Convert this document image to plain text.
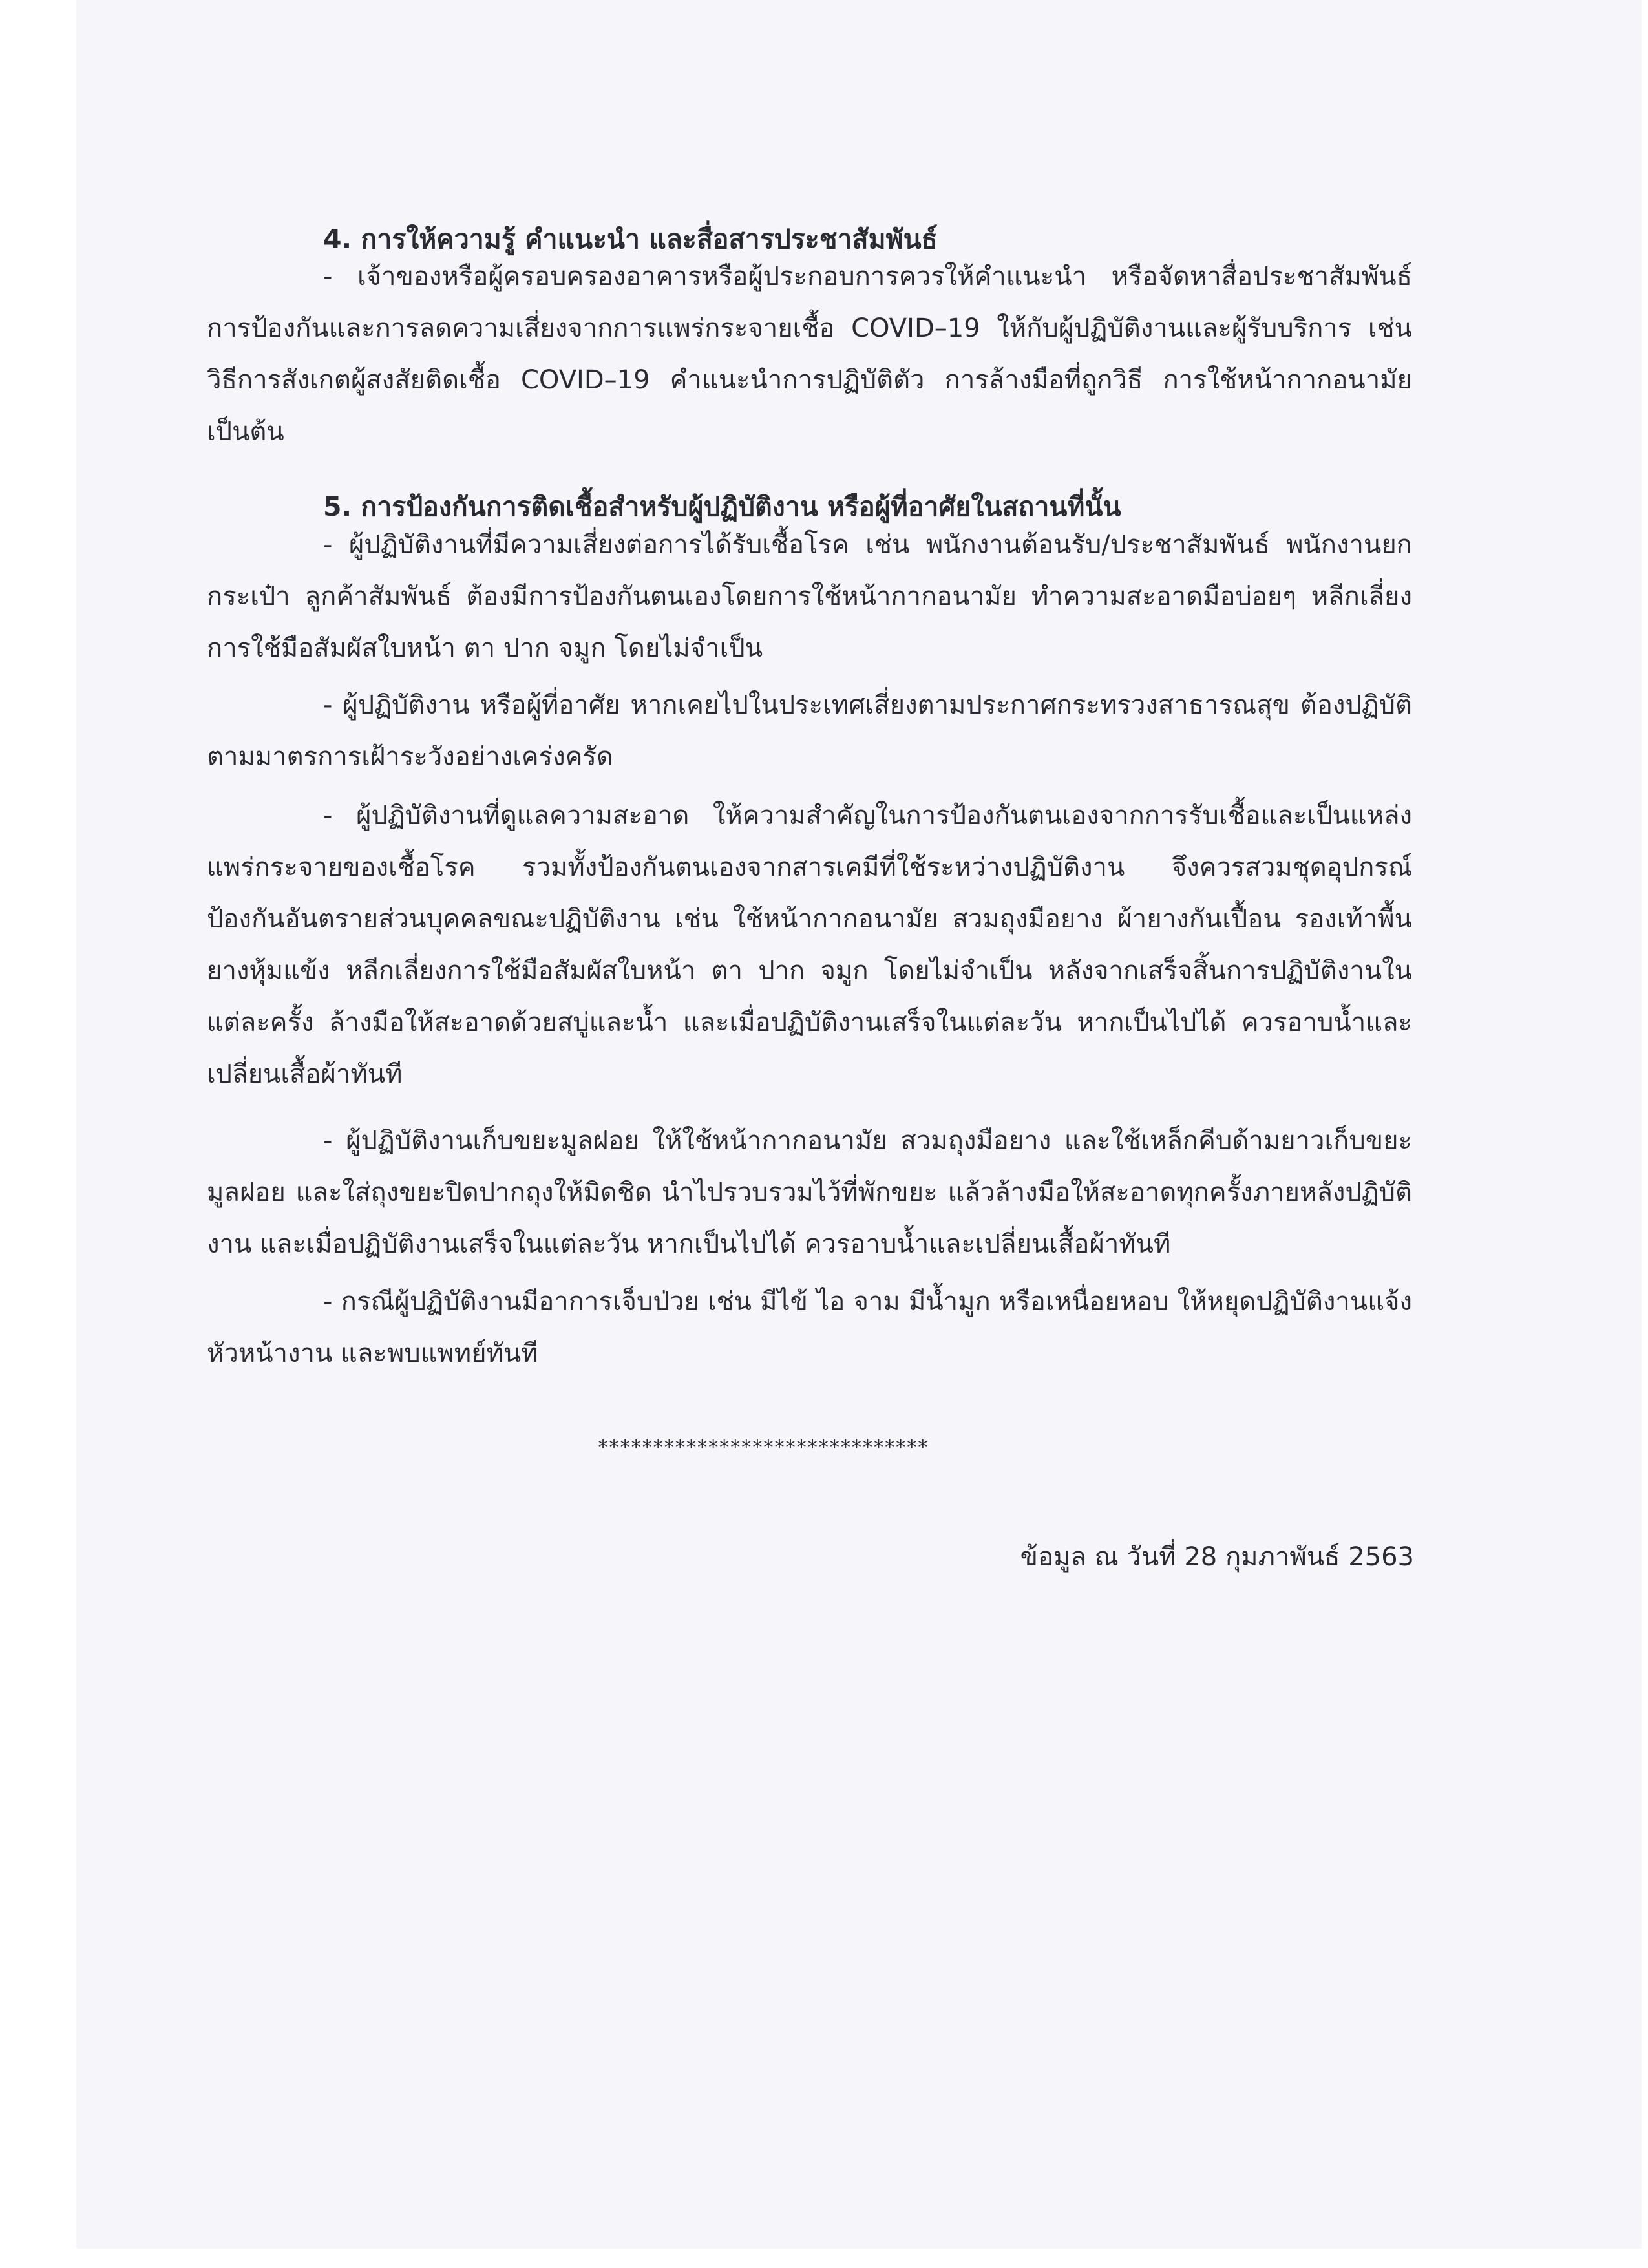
4. การให้ความรู้ คำแนะนำ และสื่อสารประชาสัมพันธ์

- เจ้าของหรือผู้ครอบครองอาคารหรือผู้ประกอบการควรให้คำแนะนำ หรือจัดหาสื่อประชาสัมพันธ์การป้องกันและการลดความเสี่ยงจากการแพร่กระจายเชื้อ COVID–19 ให้กับผู้ปฏิบัติงานและผู้รับบริการ เช่น วิธีการสังเกตผู้สงสัยติดเชื้อ COVID–19 คำแนะนำการปฏิบัติตัว การล้างมือที่ถูกวิธี การใช้หน้ากากอนามัย เป็นต้น

5. การป้องกันการติดเชื้อสำหรับผู้ปฏิบัติงาน หรือผู้ที่อาศัยในสถานที่นั้น

- ผู้ปฏิบัติงานที่มีความเสี่ยงต่อการได้รับเชื้อโรค เช่น พนักงานต้อนรับ/ประชาสัมพันธ์ พนักงานยกกระเป๋า ลูกค้าสัมพันธ์ ต้องมีการป้องกันตนเองโดยการใช้หน้ากากอนามัย ทำความสะอาดมือบ่อยๆ หลีกเลี่ยงการใช้มือสัมผัสใบหน้า ตา ปาก จมูก โดยไม่จำเป็น

- ผู้ปฏิบัติงาน หรือผู้ที่อาศัย หากเคยไปในประเทศเสี่ยงตามประกาศกระทรวงสาธารณสุข ต้องปฏิบัติตามมาตรการเฝ้าระวังอย่างเคร่งครัด

- ผู้ปฏิบัติงานที่ดูแลความสะอาด ให้ความสำคัญในการป้องกันตนเองจากการรับเชื้อและเป็นแหล่งแพร่กระจายของเชื้อโรค รวมทั้งป้องกันตนเองจากสารเคมีที่ใช้ระหว่างปฏิบัติงาน จึงควรสวมชุดอุปกรณ์ป้องกันอันตรายส่วนบุคคลขณะปฏิบัติงาน เช่น ใช้หน้ากากอนามัย สวมถุงมือยาง ผ้ายางกันเปื้อน รองเท้าพื้นยางหุ้มแข้ง หลีกเลี่ยงการใช้มือสัมผัสใบหน้า ตา ปาก จมูก โดยไม่จำเป็น หลังจากเสร็จสิ้นการปฏิบัติงานในแต่ละครั้ง ล้างมือให้สะอาดด้วยสบู่และน้ำ และเมื่อปฏิบัติงานเสร็จในแต่ละวัน หากเป็นไปได้ ควรอาบน้ำและเปลี่ยนเสื้อผ้าทันที

- ผู้ปฏิบัติงานเก็บขยะมูลฝอย ให้ใช้หน้ากากอนามัย สวมถุงมือยาง และใช้เหล็กคีบด้ามยาวเก็บขยะมูลฝอย และใส่ถุงขยะปิดปากถุงให้มิดชิด นำไปรวบรวมไว้ที่พักขยะ แล้วล้างมือให้สะอาดทุกครั้งภายหลังปฏิบัติงาน และเมื่อปฏิบัติงานเสร็จในแต่ละวัน หากเป็นไปได้ ควรอาบน้ำและเปลี่ยนเสื้อผ้าทันที

- กรณีผู้ปฏิบัติงานมีอาการเจ็บป่วย เช่น มีไข้ ไอ จาม มีน้ำมูก หรือเหนื่อยหอบ ให้หยุดปฏิบัติงานแจ้งหัวหน้างาน และพบแพทย์ทันที

******************************
ข้อมูล ณ วันที่ 28 กุมภาพันธ์ 2563
